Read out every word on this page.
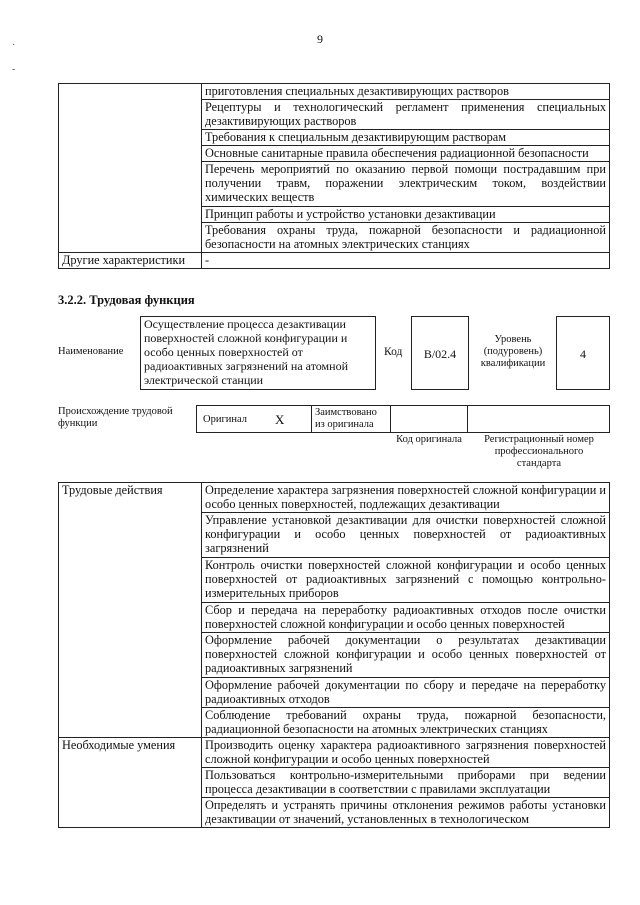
9
·
-
	приготовления специальных дезактивирующих растворов
	Рецептуры и технологический регламент применения специальных дезактивирующих растворов
	Требования к специальным дезактивирующим растворам
	Основные санитарные правила обеспечения радиационной безопасности
	Перечень мероприятий по оказанию первой помощи пострадавшим при получении травм, поражении электрическим током, воздействии химических веществ
	Принцип работы и устройство установки дезактивации
	Требования охраны труда, пожарной безопасности и радиационной безопасности на атомных электрических станциях
Другие характеристики	-
3.2.2. Трудовая функция
Наименование
Осуществление процесса дезактивации поверхностей сложной конфигурации и особо ценных поверхностей от радиоактивных загрязнений на атомной электрической станции
Код	B/02.4
Уровень (подуровень) квалификации
4
Происхождение трудовой функции	Оригинал X	Заимствовано из оригинала
Код оригинала	Регистрационный номер профессионального стандарта
Трудовые действия	Определение характера загрязнения поверхностей сложной конфигурации и особо ценных поверхностей, подлежащих дезактивации
	Управление установкой дезактивации для очистки поверхностей сложной конфигурации и особо ценных поверхностей от радиоактивных загрязнений
	Контроль очистки поверхностей сложной конфигурации и особо ценных поверхностей от радиоактивных загрязнений с помощью контрольно-измерительных приборов
	Сбор и передача на переработку радиоактивных отходов после очистки поверхностей сложной конфигурации и особо ценных поверхностей
	Оформление рабочей документации о результатах дезактивации поверхностей сложной конфигурации и особо ценных поверхностей от радиоактивных загрязнений
	Оформление рабочей документации по сбору и передаче на переработку радиоактивных отходов
	Соблюдение требований охраны труда, пожарной безопасности, радиационной безопасности на атомных электрических станциях
Необходимые умения	Производить оценку характера радиоактивного загрязнения поверхностей сложной конфигурации и особо ценных поверхностей
	Пользоваться контрольно-измерительными приборами при ведении процесса дезактивации в соответствии с правилами эксплуатации
	Определять и устранять причины отклонения режимов работы установки дезактивации от значений, установленных в технологическом
